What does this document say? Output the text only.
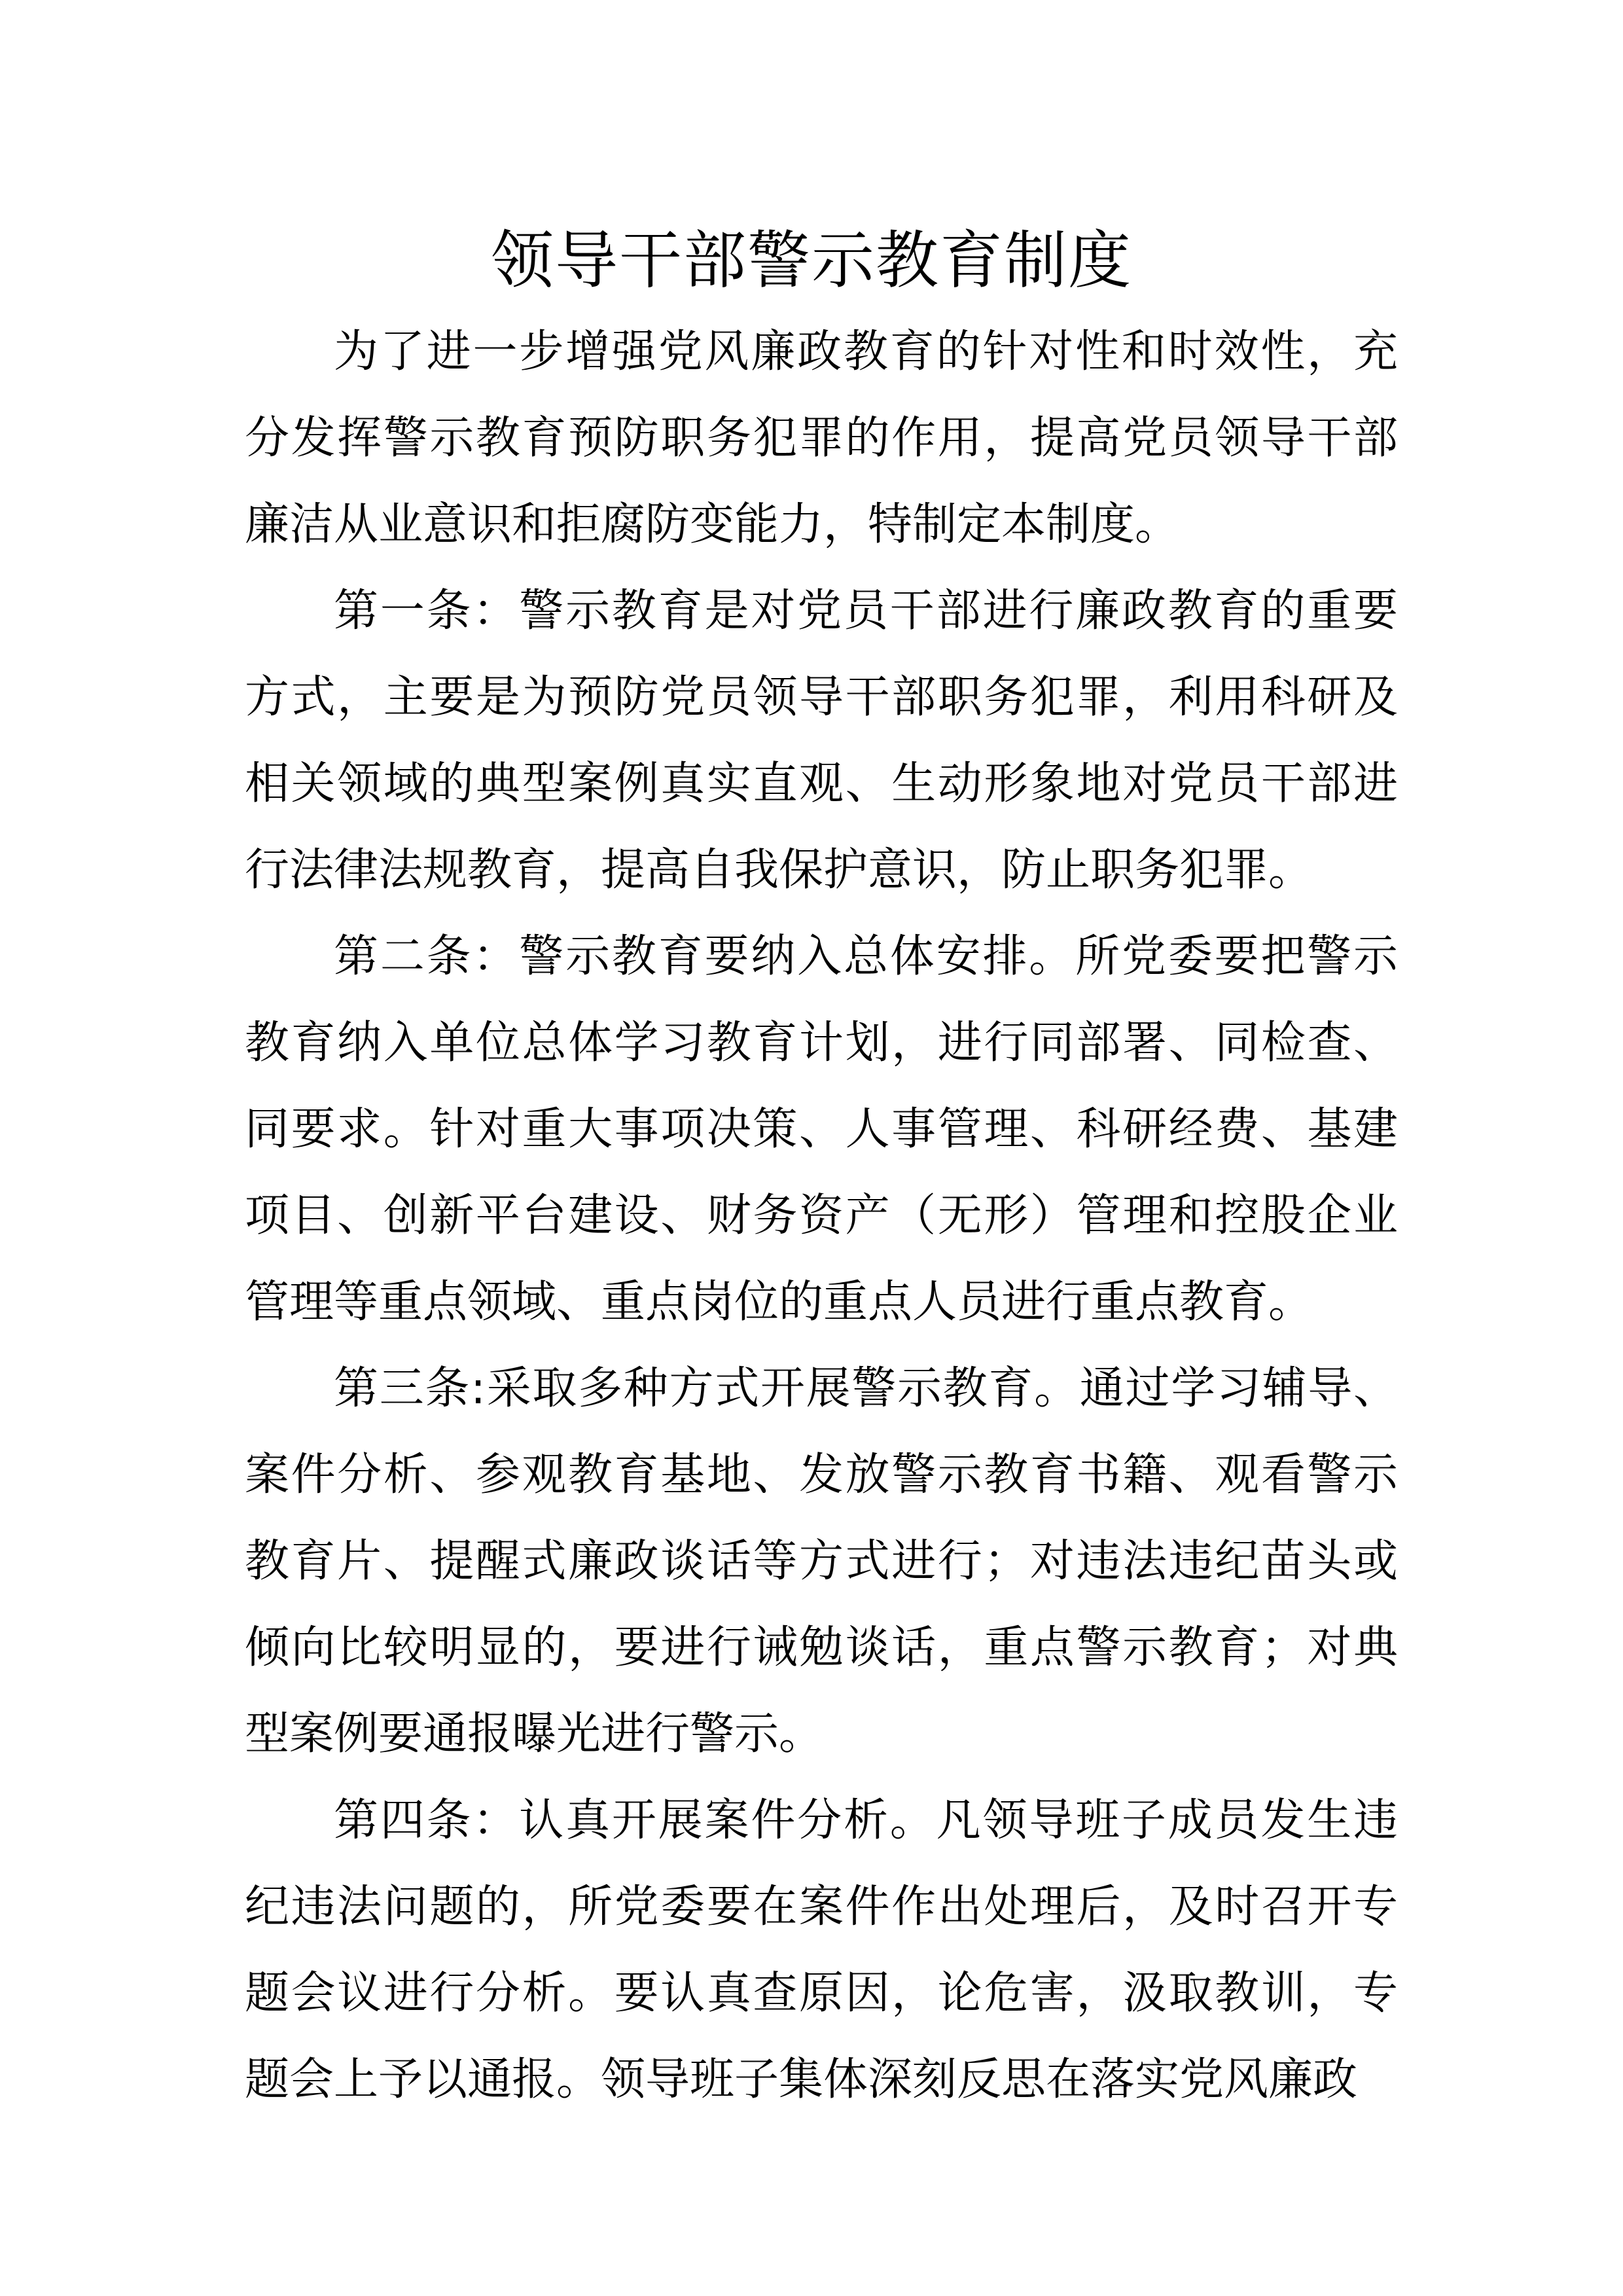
领导干部警示教育制度

为了进一步增强党风廉政教育的针对性和时效性，充分发挥警示教育预防职务犯罪的作用，提高党员领导干部廉洁从业意识和拒腐防变能力，特制定本制度。

第一条：警示教育是对党员干部进行廉政教育的重要方式，主要是为预防党员领导干部职务犯罪，利用科研及相关领域的典型案例真实直观、生动形象地对党员干部进行法律法规教育，提高自我保护意识，防止职务犯罪。

第二条：警示教育要纳入总体安排。所党委要把警示教育纳入单位总体学习教育计划，进行同部署、同检查、同要求。针对重大事项决策、人事管理、科研经费、基建项目、创新平台建设、财务资产（无形）管理和控股企业管理等重点领域、重点岗位的重点人员进行重点教育。

第三条:采取多种方式开展警示教育。通过学习辅导、案件分析、参观教育基地、发放警示教育书籍、观看警示教育片、提醒式廉政谈话等方式进行；对违法违纪苗头或倾向比较明显的，要进行诫勉谈话，重点警示教育；对典型案例要通报曝光进行警示。

第四条：认真开展案件分析。凡领导班子成员发生违纪违法问题的，所党委要在案件作出处理后，及时召开专题会议进行分析。要认真查原因，论危害，汲取教训，专题会上予以通报。领导班子集体深刻反思在落实党风廉政
